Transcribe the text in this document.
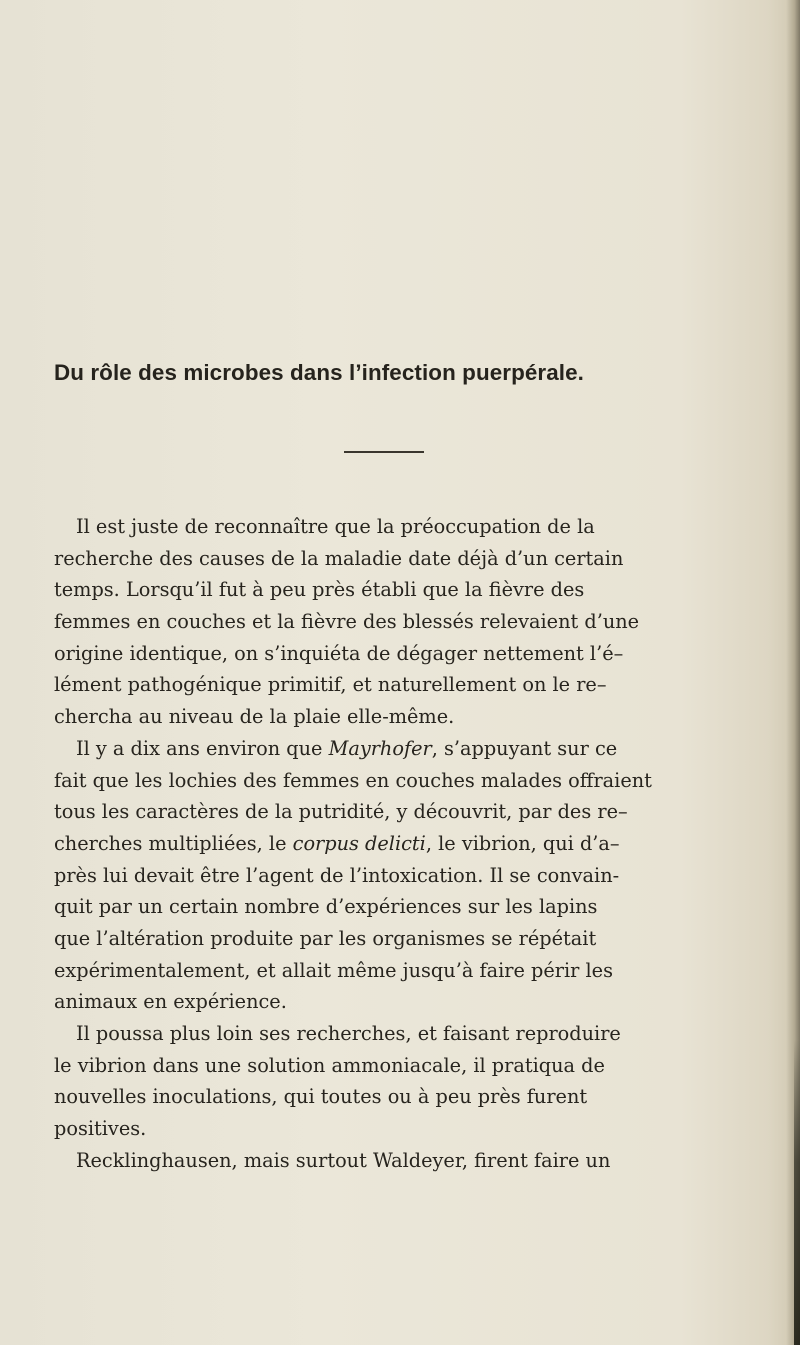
Du rôle des microbes dans l’infection puerpérale.
Il est juste de reconnaître que la préoccupation de la
recherche des causes de la maladie date déjà d’un certain
temps. Lorsqu’il fut à peu près établi que la fièvre des
femmes en couches et la fièvre des blessés relevaient d’une
origine identique, on s’inquiéta de dégager nettement l’é–
lément pathogénique primitif, et naturellement on le re–
chercha au niveau de la plaie elle-même.
Il y a dix ans environ que Mayrhofer, s’appuyant sur ce
fait que les lochies des femmes en couches malades offraient
tous les caractères de la putridité, y découvrit, par des re–
cherches multipliées, le corpus delicti, le vibrion, qui d’a–
près lui devait être l’agent de l’intoxication. Il se convain-
quit par un certain nombre d’expériences sur les lapins
que l’altération produite par les organismes se répétait
expérimentalement, et allait même jusqu’à faire périr les
animaux en expérience.
Il poussa plus loin ses recherches, et faisant reproduire
le vibrion dans une solution ammoniacale, il pratiqua de
nouvelles inoculations, qui toutes ou à peu près furent
positives.
Recklinghausen, mais surtout Waldeyer, firent faire un
